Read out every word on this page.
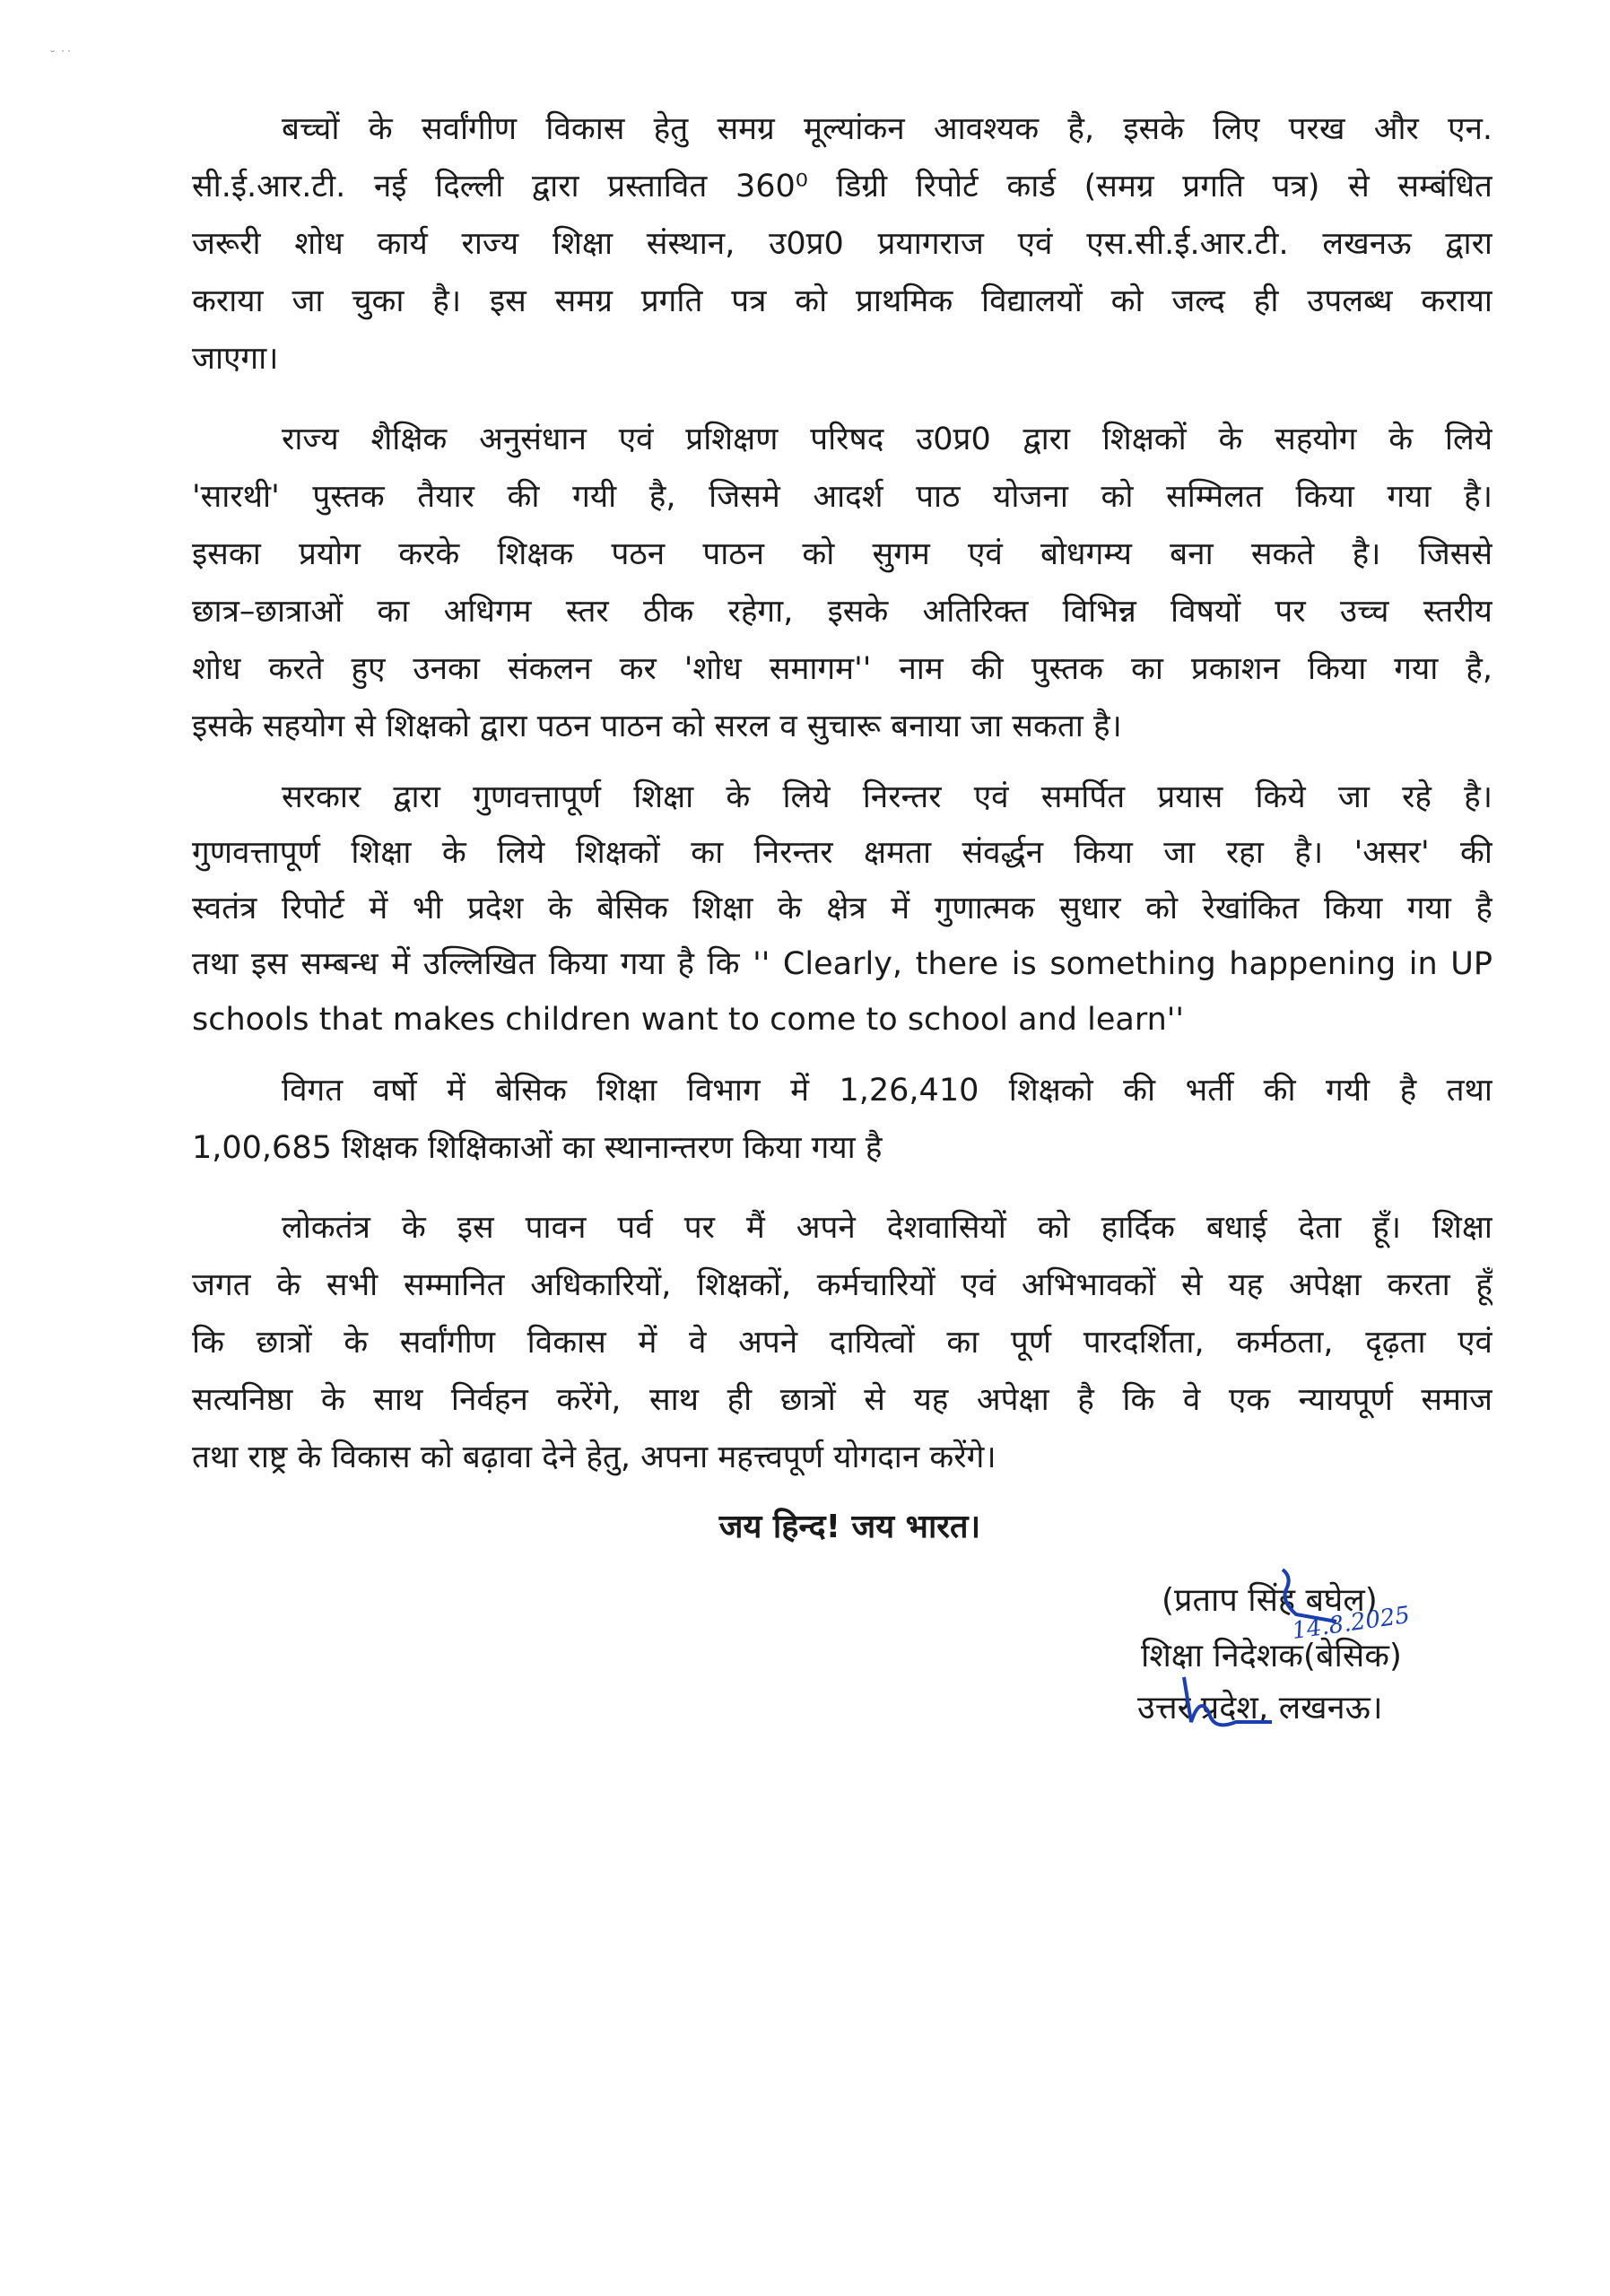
˘ ˙˙
बच्चों के सर्वांगीण विकास हेतु समग्र मूल्यांकन आवश्यक है, इसके लिए परख और एन.
सी.ई.आर.टी. नई दिल्ली द्वारा प्रस्तावित 360⁰ डिग्री रिपोर्ट कार्ड (समग्र प्रगति पत्र) से सम्बंधित
जरूरी शोध कार्य राज्य शिक्षा संस्थान, उ0प्र0 प्रयागराज एवं एस.सी.ई.आर.टी. लखनऊ द्वारा
कराया जा चुका है। इस समग्र प्रगति पत्र को प्राथमिक विद्यालयों को जल्द ही उपलब्ध कराया
जाएगा।
राज्य शैक्षिक अनुसंधान एवं प्रशिक्षण परिषद उ0प्र0 द्वारा शिक्षकों के सहयोग के लिये
'सारथी' पुस्तक तैयार की गयी है, जिसमे आदर्श पाठ योजना को सम्मिलत किया गया है।
इसका प्रयोग करके शिक्षक पठन पाठन को सुगम एवं बोधगम्य बना सकते है। जिससे
छात्र–छात्राओं का अधिगम स्तर ठीक रहेगा, इसके अतिरिक्त विभिन्न विषयों पर उच्च स्तरीय
शोध करते हुए उनका संकलन कर 'शोध समागम'' नाम की पुस्तक का प्रकाशन किया गया है,
इसके सहयोग से शिक्षको द्वारा पठन पाठन को सरल व सुचारू बनाया जा सकता है।
सरकार द्वारा गुणवत्तापूर्ण शिक्षा के लिये निरन्तर एवं समर्पित प्रयास किये जा रहे है।
गुणवत्तापूर्ण शिक्षा के लिये शिक्षकों का निरन्तर क्षमता संवर्द्धन किया जा रहा है। 'असर' की
स्वतंत्र रिपोर्ट में भी प्रदेश के बेसिक शिक्षा के क्षेत्र में गुणात्मक सुधार को रेखांकित किया गया है
तथा इस सम्बन्ध में उल्लिखित किया गया है कि '' Clearly, there is something happening in UP
schools that makes children want to come to school and learn''
विगत वर्षो में बेसिक शिक्षा विभाग में 1,26,410 शिक्षको की भर्ती की गयी है तथा
1,00,685 शिक्षक शिक्षिकाओं का स्थानान्तरण किया गया है
लोकतंत्र के इस पावन पर्व पर मैं अपने देशवासियों को हार्दिक बधाई देता हूँ। शिक्षा
जगत के सभी सम्मानित अधिकारियों, शिक्षकों, कर्मचारियों एवं अभिभावकों से यह अपेक्षा करता हूँ
कि छात्रों के सर्वांगीण विकास में वे अपने दायित्वों का पूर्ण पारदर्शिता, कर्मठता, दृढ़ता एवं
सत्यनिष्ठा के साथ निर्वहन करेंगे, साथ ही छात्रों से यह अपेक्षा है कि वे एक न्यायपूर्ण समाज
तथा राष्ट्र के विकास को बढ़ावा देने हेतु, अपना महत्त्वपूर्ण योगदान करेंगे।
जय हिन्द! जय भारत।
(प्रताप सिंह बघेल)
शिक्षा निदेशक(बेसिक)
उत्तर प्रदेश, लखनऊ।
14.8.2025
